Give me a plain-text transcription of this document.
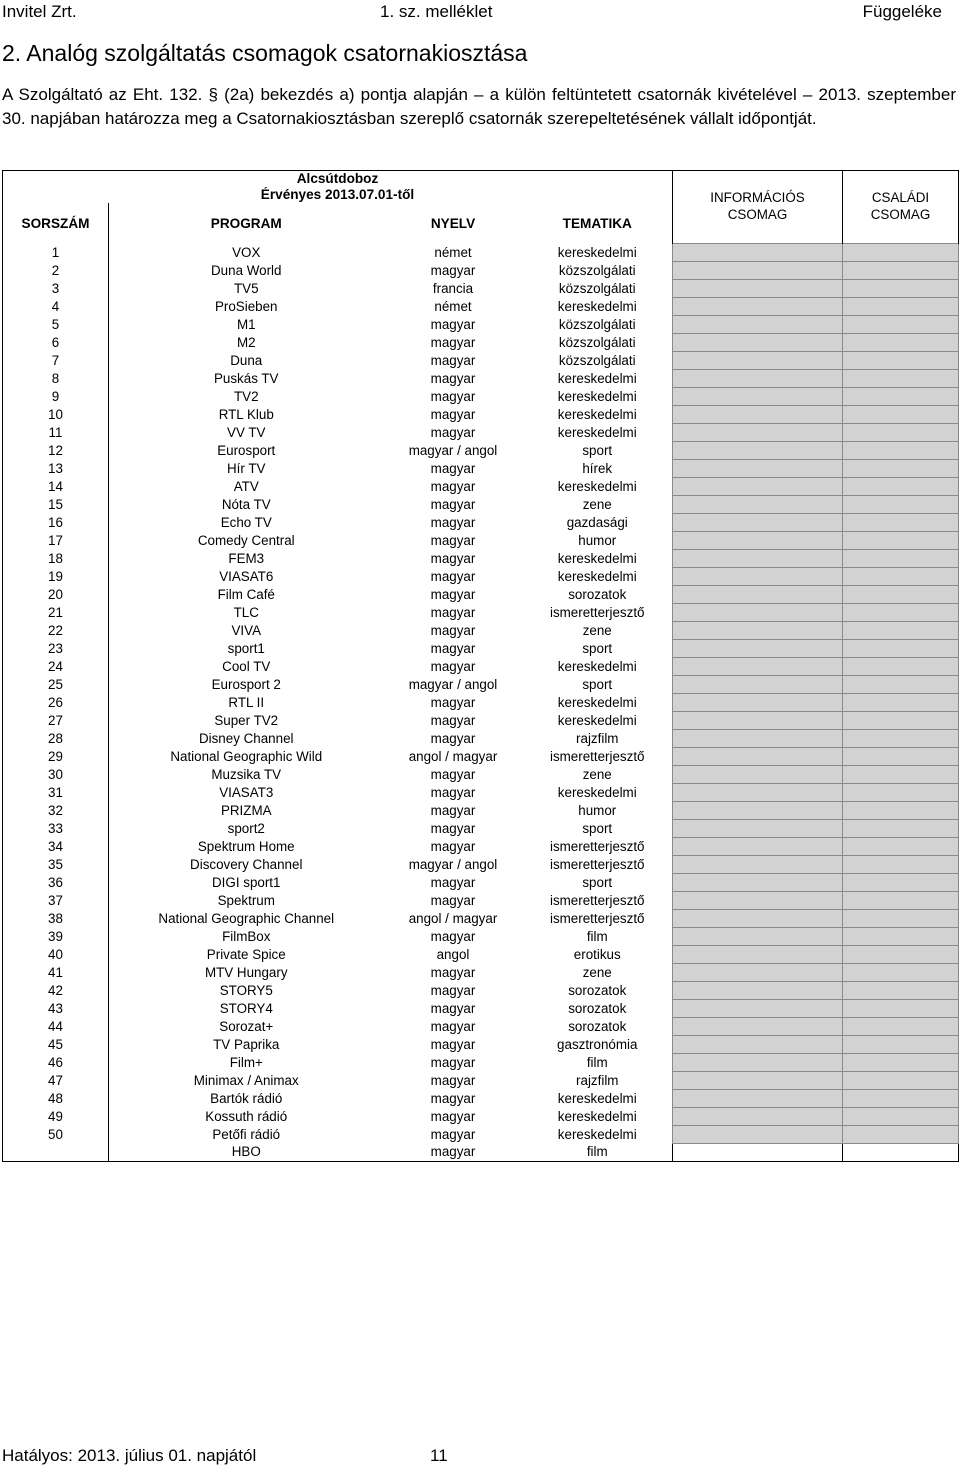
Invitel Zrt.	1. sz. melléklet	Függeléke
2. Analóg szolgáltatás csomagok csatornakiosztása

A Szolgáltató az Eht. 132. § (2a) bekezdés a) pontja alapján – a külön feltüntetett csatornák kivételével – 2013. szeptember 30. napjában határozza meg a Csatornakiosztásban szereplő csatornák szerepeltetésének vállalt időpontját.

Alcsútdoboz					
Érvényes 2013.07.01-től				INFORMÁCIÓS
CSOMAG	CSALÁDI
CSOMAG
SORSZÁM	PROGRAM	NYELV	TEMATIKA		
1	VOX	német	kereskedelmi		
2	Duna World	magyar	közszolgálati		
3	TV5	francia	közszolgálati		
4	ProSieben	német	kereskedelmi		
5	M1	magyar	közszolgálati		
6	M2	magyar	közszolgálati		
7	Duna	magyar	közszolgálati		
8	Puskás TV	magyar	kereskedelmi		
9	TV2	magyar	kereskedelmi		
10	RTL Klub	magyar	kereskedelmi		
11	VV TV	magyar	kereskedelmi		
12	Eurosport	magyar / angol	sport		
13	Hír TV	magyar	hírek		
14	ATV	magyar	kereskedelmi		
15	Nóta TV	magyar	zene		
16	Echo TV	magyar	gazdasági		
17	Comedy Central	magyar	humor		
18	FEM3	magyar	kereskedelmi		
19	VIASAT6	magyar	kereskedelmi		
20	Film Café	magyar	sorozatok		
21	TLC	magyar	ismeretterjesztő		
22	VIVA	magyar	zene		
23	sport1	magyar	sport		
24	Cool TV	magyar	kereskedelmi		
25	Eurosport 2	magyar / angol	sport		
26	RTL II	magyar	kereskedelmi		
27	Super TV2	magyar	kereskedelmi		
28	Disney Channel	magyar	rajzfilm		
29	National Geographic Wild	angol / magyar	ismeretterjesztő		
30	Muzsika TV	magyar	zene		
31	VIASAT3	magyar	kereskedelmi		
32	PRIZMA	magyar	humor		
33	sport2	magyar	sport		
34	Spektrum Home	magyar	ismeretterjesztő		
35	Discovery Channel	magyar / angol	ismeretterjesztő		
36	DIGI sport1	magyar	sport		
37	Spektrum	magyar	ismeretterjesztő		
38	National Geographic Channel	angol / magyar	ismeretterjesztő		
39	FilmBox	magyar	film		
40	Private Spice	angol	erotikus		
41	MTV Hungary	magyar	zene		
42	STORY5	magyar	sorozatok		
43	STORY4	magyar	sorozatok		
44	Sorozat+	magyar	sorozatok		
45	TV Paprika	magyar	gasztronómia		
46	Film+	magyar	film		
47	Minimax / Animax	magyar	rajzfilm		
48	Bartók rádió	magyar	kereskedelmi		
49	Kossuth rádió	magyar	kereskedelmi		
50	Petőfi rádió	magyar	kereskedelmi		
	HBO	magyar	film		
Hatályos: 2013. július 01. napjától	11
